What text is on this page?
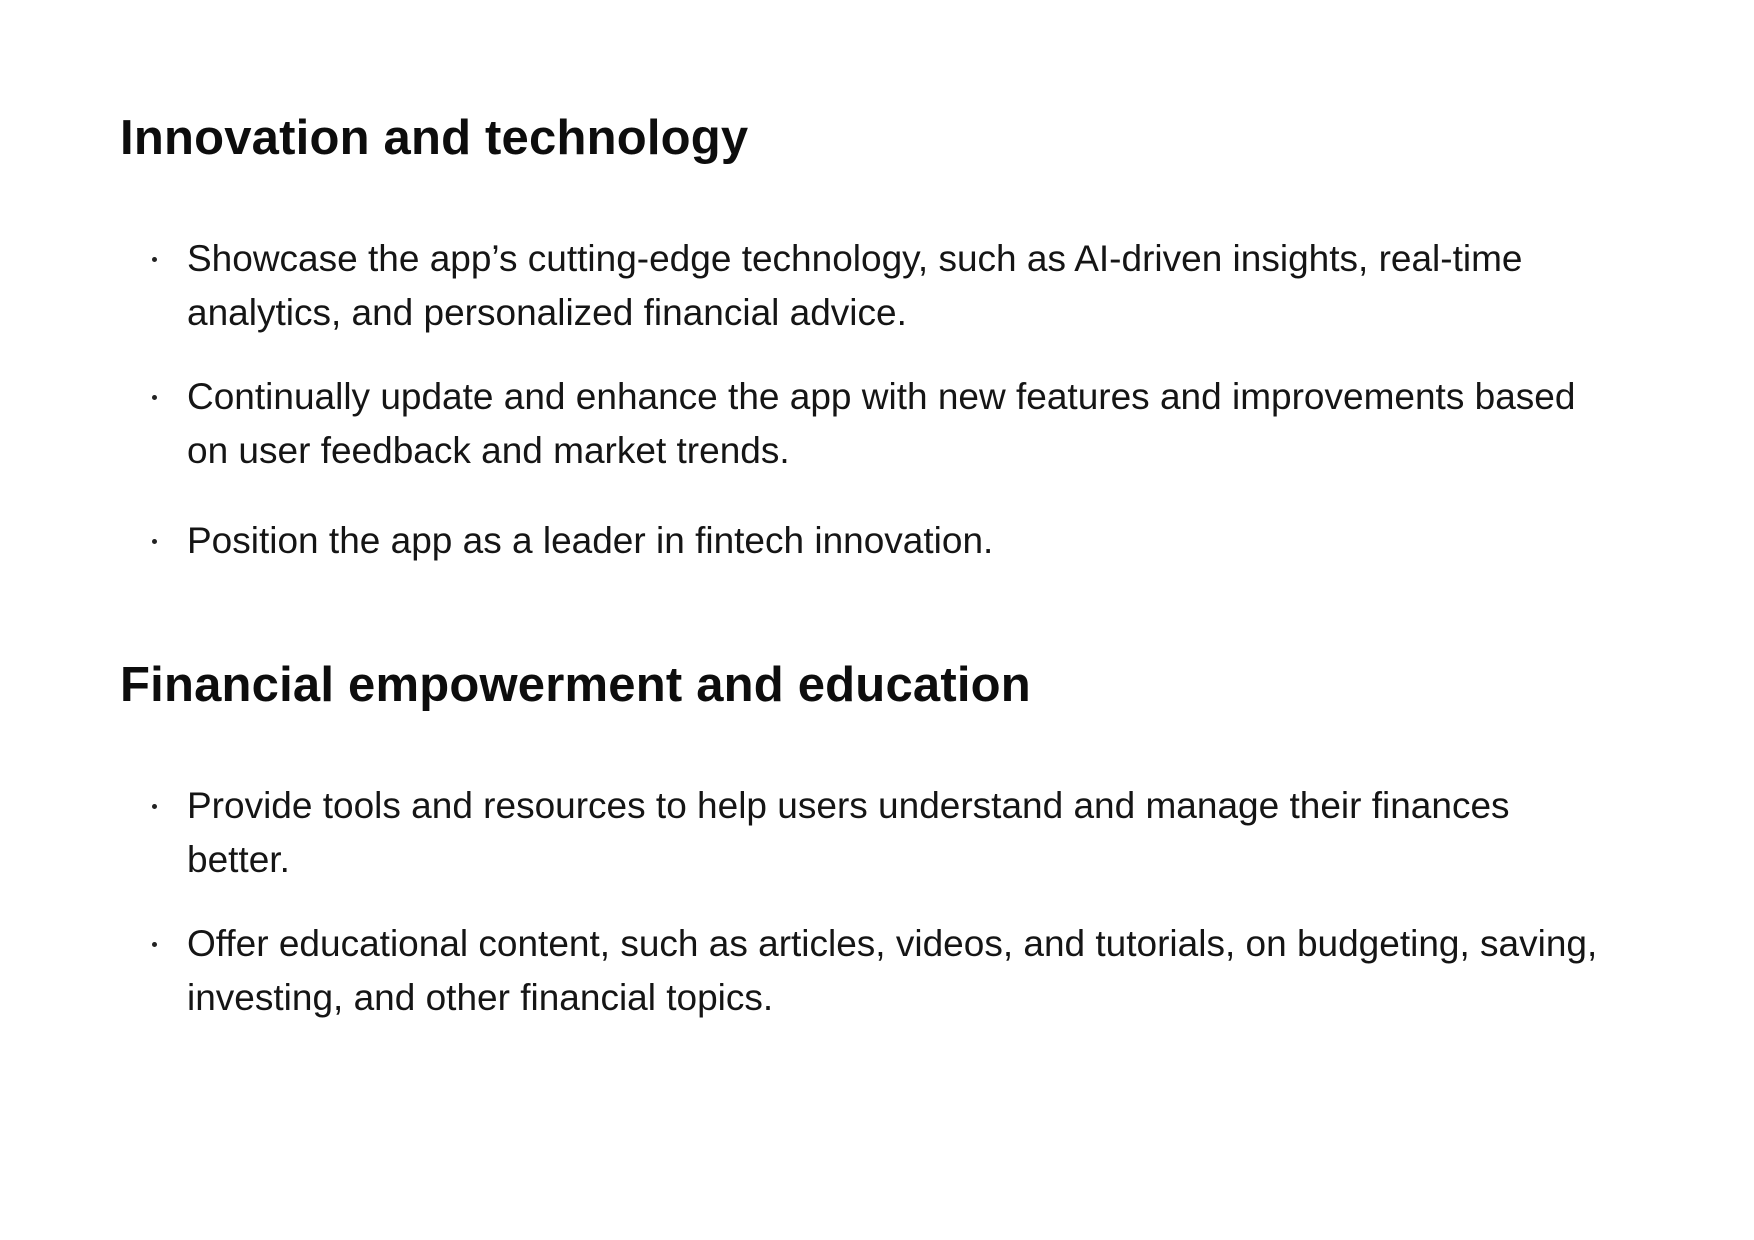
Innovation and technology
Showcase the app’s cutting-edge technology, such as AI-driven insights, real-time analytics, and personalized financial advice.
Continually update and enhance the app with new features and improvements based on user feedback and market trends.
Position the app as a leader in fintech innovation.
Financial empowerment and education
Provide tools and resources to help users understand and manage their finances better.
Offer educational content, such as articles, videos, and tutorials, on budgeting, saving, investing, and other financial topics.
